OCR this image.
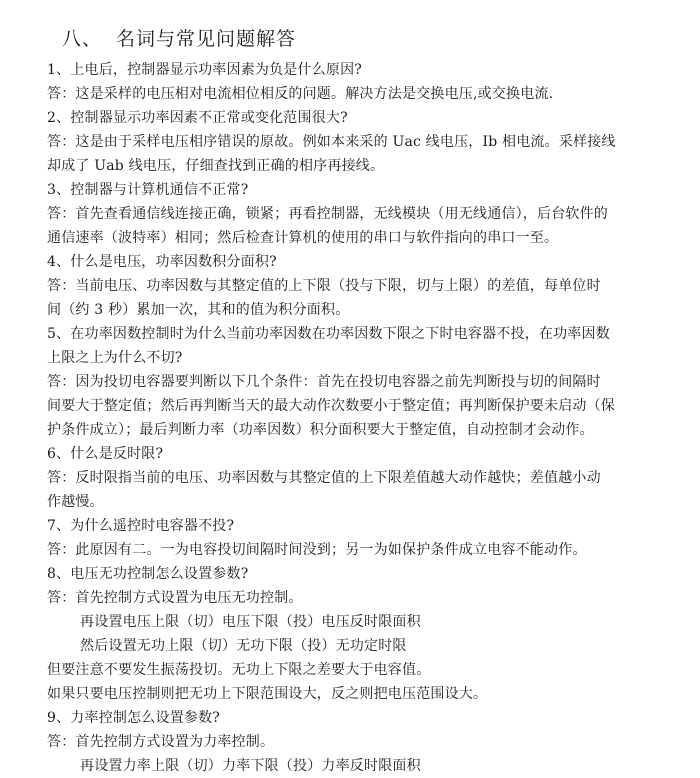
八、 名词与常见问题解答
1、上电后，控制器显示功率因素为负是什么原因?
答：这是采样的电压相对电流相位相反的问题。解决方法是交换电压,或交换电流.
2、控制器显示功率因素不正常或变化范围很大?
答：这是由于采样电压相序错误的原故。例如本来采的 Uac 线电压，Ib 相电流。采样接线
却成了 Uab 线电压，仔细查找到正确的相序再接线。
3、控制器与计算机通信不正常?
答：首先查看通信线连接正确，锁紧；再看控制器，无线模块（用无线通信），后台软件的
通信速率（波特率）相同；然后检查计算机的使用的串口与软件指向的串口一至。
4、什么是电压，功率因数积分面积?
答：当前电压、功率因数与其整定值的上下限（投与下限，切与上限）的差值，每单位时
间（约 3 秒）累加一次，其和的值为积分面积。
5、在功率因数控制时为什么当前功率因数在功率因数下限之下时电容器不投，在功率因数
上限之上为什么不切?
答：因为投切电容器要判断以下几个条件：首先在投切电容器之前先判断投与切的间隔时
间要大于整定值；然后再判断当天的最大动作次数要小于整定值；再判断保护要未启动（保
护条件成立）；最后判断力率（功率因数）积分面积要大于整定值，自动控制才会动作。
6、什么是反时限?
答：反时限指当前的电压、功率因数与其整定值的上下限差值越大动作越快；差值越小动
作越慢。
7、为什么遥控时电容器不投?
答：此原因有二。一为电容投切间隔时间没到；另一为如保护条件成立电容不能动作。
8、电压无功控制怎么设置参数?
答：首先控制方式设置为电压无功控制。
再设置电压上限（切）电压下限（投）电压反时限面积
然后设置无功上限（切）无功下限（投）无功定时限
但要注意不要发生振荡投切。无功上下限之差要大于电容值。
如果只要电压控制则把无功上下限范围设大，反之则把电压范围设大。
9、力率控制怎么设置参数?
答：首先控制方式设置为力率控制。
再设置力率上限（切）力率下限（投）力率反时限面积
